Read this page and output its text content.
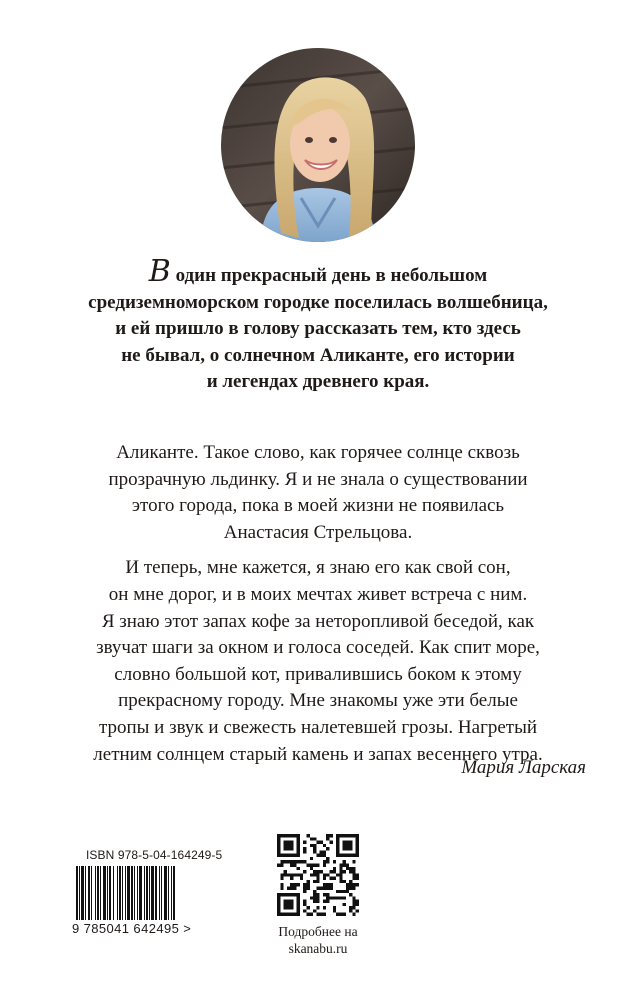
В один прекрасный день в небольшом
средиземноморском городке поселилась волшебница,
и ей пришло в голову рассказать тем, кто здесь
не бывал, о солнечном Аликанте, его истории
и легендах древнего края.
Аликанте. Такое слово, как горячее солнце сквозь
прозрачную льдинку. Я и не знала о существовании
этого города, пока в моей жизни не появилась
Анастасия Стрельцова.
И теперь, мне кажется, я знаю его как свой сон,
он мне дорог, и в моих мечтах живет встреча с ним.
Я знаю этот запах кофе за неторопливой беседой, как
звучат шаги за окном и голоса соседей. Как спит море,
словно большой кот, привалившись боком к этому
прекрасному городу. Мне знакомы уже эти белые
тропы и звук и свежесть налетевшей грозы. Нагретый
летним солнцем старый камень и запах весеннего утра.
Мария Ларская
ISBN 978-5-04-164249-5
9 785041 642495 >	Подробнее на
skanabu.ru
